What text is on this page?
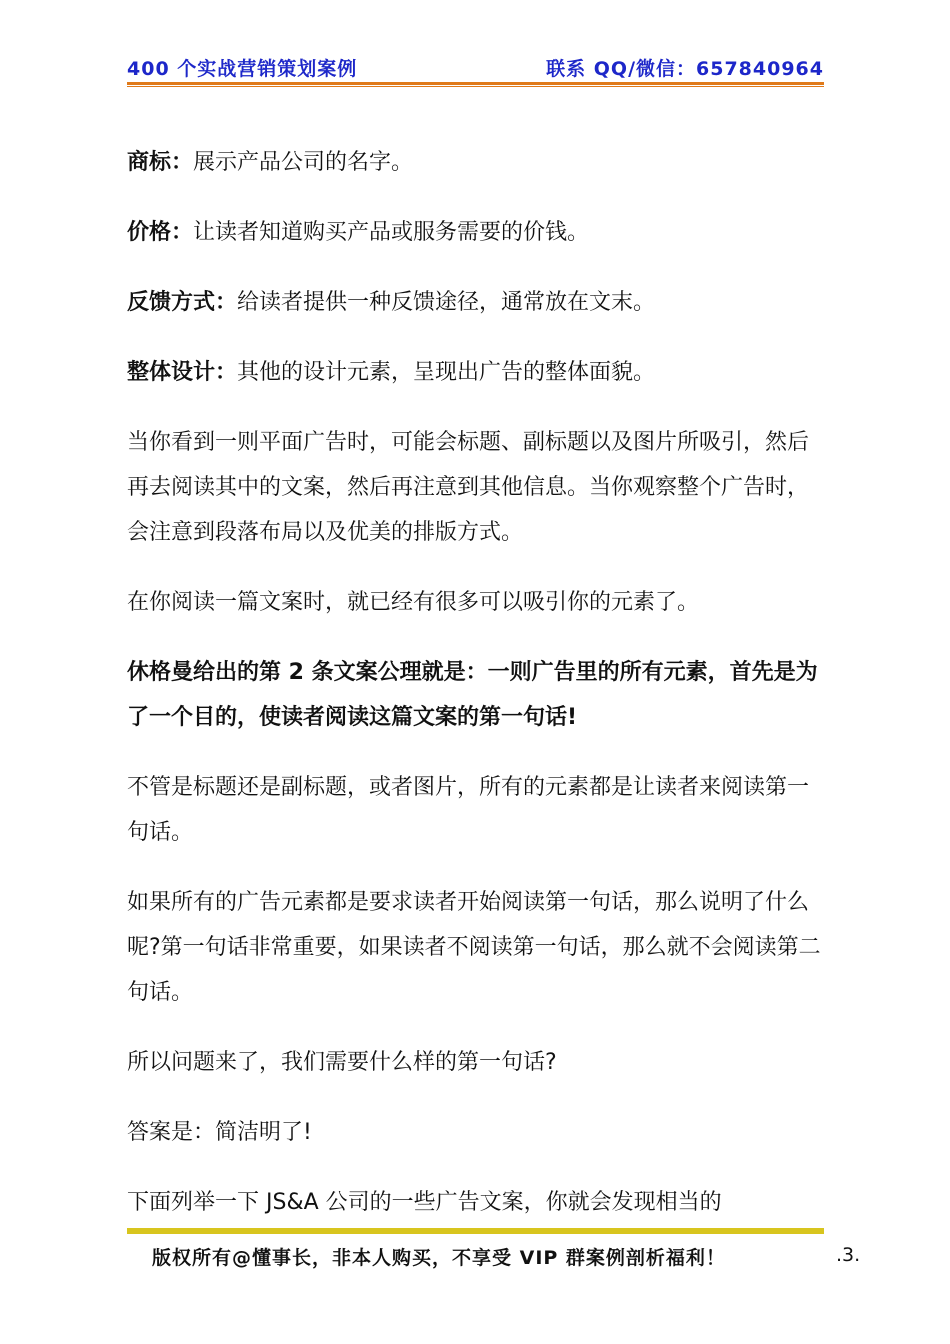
400 个实战营销策划案例	联系 QQ/微信：657840964

商标：展示产品公司的名字。

价格：让读者知道购买产品或服务需要的价钱。

反馈方式：给读者提供一种反馈途径，通常放在文末。

整体设计：其他的设计元素，呈现出广告的整体面貌。

当你看到一则平面广告时，可能会标题、副标题以及图片所吸引，然后再去阅读其中的文案，然后再注意到其他信息。当你观察整个广告时，会注意到段落布局以及优美的排版方式。

在你阅读一篇文案时，就已经有很多可以吸引你的元素了。

休格曼给出的第 2 条文案公理就是：一则广告里的所有元素，首先是为了一个目的，使读者阅读这篇文案的第一句话!

不管是标题还是副标题，或者图片，所有的元素都是让读者来阅读第一句话。

如果所有的广告元素都是要求读者开始阅读第一句话，那么说明了什么呢?第一句话非常重要，如果读者不阅读第一句话，那么就不会阅读第二句话。

所以问题来了，我们需要什么样的第一句话?

答案是：简洁明了!

下面列举一下 JS&A 公司的一些广告文案，你就会发现相当的

版权所有@懂事长，非本人购买，不享受 VIP 群案例剖析福利！	.3.
